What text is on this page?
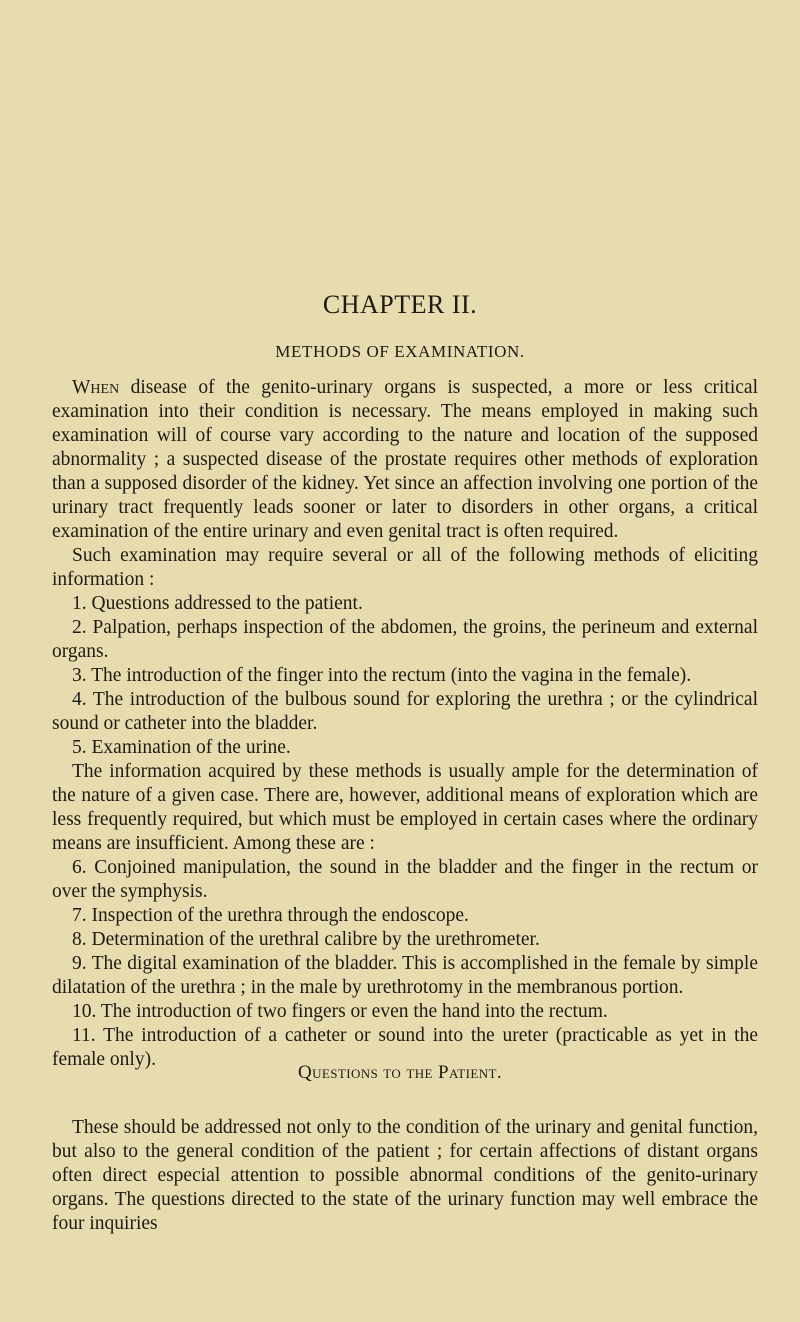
CHAPTER II.
METHODS OF EXAMINATION.

When disease of the genito-urinary organs is suspected, a more or less critical examination into their condition is necessary. The means employed in making such examination will of course vary according to the nature and location of the supposed abnormality ; a suspected disease of the prostate requires other methods of exploration than a supposed disorder of the kidney. Yet since an affection involving one portion of the urinary tract frequently leads sooner or later to disorders in other organs, a critical examination of the entire urinary and even genital tract is often required.

Such examination may require several or all of the following methods of eliciting information :

1. Questions addressed to the patient.

2. Palpation, perhaps inspection of the abdomen, the groins, the perineum and external organs.

3. The introduction of the finger into the rectum (into the vagina in the female).

4. The introduction of the bulbous sound for exploring the urethra ; or the cylindrical sound or catheter into the bladder.

5. Examination of the urine.

The information acquired by these methods is usually ample for the determination of the nature of a given case. There are, however, additional means of exploration which are less frequently required, but which must be employed in certain cases where the ordinary means are insufficient. Among these are :

6. Conjoined manipulation, the sound in the bladder and the finger in the rectum or over the symphysis.

7. Inspection of the urethra through the endoscope.

8. Determination of the urethral calibre by the urethrometer.

9. The digital examination of the bladder. This is accomplished in the female by simple dilatation of the urethra ; in the male by urethrotomy in the membranous portion.

10. The introduction of two fingers or even the hand into the rectum.

11. The introduction of a catheter or sound into the ureter (practicable as yet in the female only).

Questions to the Patient.

These should be addressed not only to the condition of the urinary and genital function, but also to the general condition of the patient ; for certain affections of distant organs often direct especial attention to possible abnormal conditions of the genito-urinary organs. The questions directed to the state of the urinary function may well embrace the four inquiries
